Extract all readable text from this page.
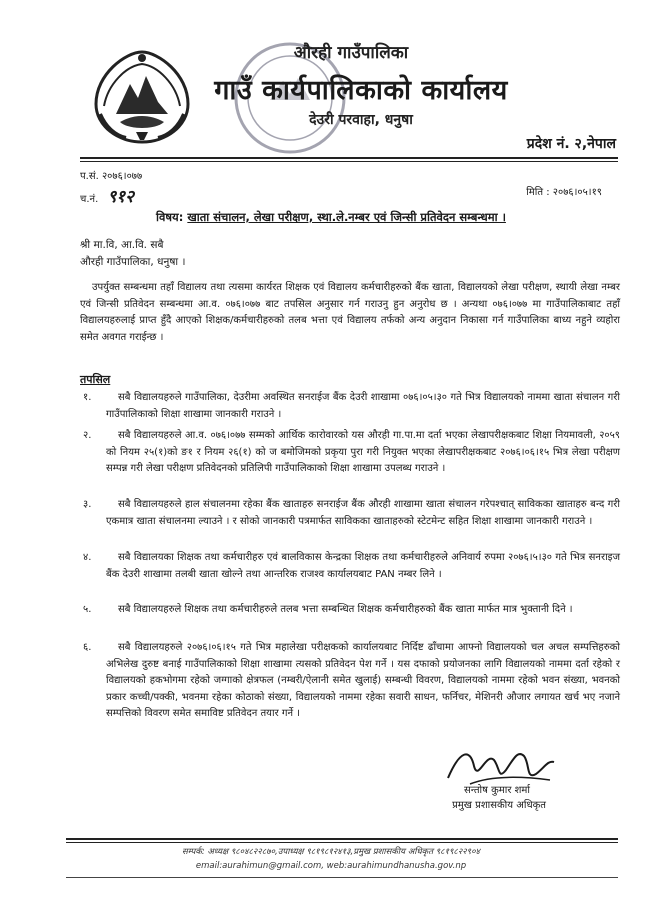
औरही गाउँपालिका
गाउँ कार्यपालिकाको कार्यालय
देउरी परवाहा, धनुषा
प्रदेश नं. २,नेपाल
प.सं. २०७६।०७७
च.नं. ९१२	मिति : २०७६।०५।१९
विषय: खाता संचालन, लेखा परीक्षण, स्था.ले.नम्बर एवं जिन्सी प्रतिवेदन सम्बन्धमा ।
श्री मा.वि, आ.वि. सबै
औरही गाउँपालिका, धनुषा ।
उपर्युक्त सम्बन्धमा तहाँ विद्यालय तथा त्यसमा कार्यरत शिक्षक एवं विद्यालय कर्मचारीहरुको बैंक खाता, विद्यालयको लेखा परीक्षण, स्थायी लेखा नम्बर एवं जिन्सी प्रतिवेदन सम्बन्धमा आ.व. ०७६।०७७ बाट तपसिल अनुसार गर्न गराउनु हुन अनुरोध छ । अन्यथा ०७६।०७७ मा गाउँपालिकाबाट तहाँ विद्यालयहरुलाई प्राप्त हुँदै आएको शिक्षक/कर्मचारीहरुको तलब भत्ता एवं विद्यालय तर्फको अन्य अनुदान निकासा गर्न गाउँपालिका बाध्य नहुने व्यहोरा समेत अवगत गराईन्छ ।
तपसिल
१.	सबै विद्यालयहरुले गाउँपालिका, देउरीमा अवस्थित सनराईज बैंक देउरी शाखामा ०७६।०५।३० गते भित्र विद्यालयको नाममा खाता संचालन गरी गाउँपालिकाको शिक्षा शाखामा जानकारी गराउने ।
२.	सबै विद्यालयहरुले आ.व. ०७६।०७७ सम्मको आर्थिक कारोवारको यस औरही गा.पा.मा दर्ता भएका लेखापरीक्षकबाट शिक्षा नियमावली, २०५९ को नियम २५(१)को ङ१ र नियम २६(१) को ज बमोजिमको प्रकृया पुरा गरी नियुक्त भएका लेखापरीक्षकबाट २०७६।०६।१५ भित्र लेखा परीक्षण सम्पन्न गरी लेखा परीक्षण प्रतिवेदनको प्रतिलिपी गाउँपालिकाको शिक्षा शाखामा उपलब्ध गराउने ।
३.	सबै विद्यालयहरुले हाल संचालनमा रहेका बैंक खाताहरु सनराईज बैंक औरही शाखामा खाता संचालन गरेपश्चात् साविकका खाताहरु बन्द गरी एकमात्र खाता संचालनमा ल्याउने । र सोको जानकारी पत्रमार्फत साविकका खाताहरुको स्टेटमेन्ट सहित शिक्षा शाखामा जानकारी गराउने ।
४.	सबै विद्यालयका शिक्षक तथा कर्मचारीहरु एवं बालविकास केन्द्रका शिक्षक तथा कर्मचारीहरुले अनिवार्य रुपमा २०७६।५।३० गते भित्र सनराइज बैंक देउरी शाखामा तलबी खाता खोल्ने तथा आन्तरिक राजश्व कार्यालयबाट PAN नम्बर लिने ।
५.	सबै विद्यालयहरुले शिक्षक तथा कर्मचारीहरुले तलब भत्ता सम्बन्धित शिक्षक कर्मचारीहरुको बैंक खाता मार्फत मात्र भुक्तानी दिने ।
६.	सबै विद्यालयहरुले २०७६।०६।१५ गते भित्र महालेखा परीक्षकको कार्यालयबाट निर्दिष्ट ढाँचामा आफ्नो विद्यालयको चल अचल सम्पत्तिहरुको अभिलेख दुरुष्ट बनाई गाउँपालिकाको शिक्षा शाखामा त्यसको प्रतिवेदन पेश गर्ने । यस दफाको प्रयोजनका लागि विद्यालयको नाममा दर्ता रहेको र विद्यालयको हकभोगमा रहेको जग्गाको क्षेत्रफल (नम्बरी/ऐलानी समेत खुलाई) सम्बन्धी विवरण, विद्यालयको नाममा रहेको भवन संख्या, भवनको प्रकार कच्ची/पक्की, भवनमा रहेका कोठाको संख्या, विद्यालयको नाममा रहेका सवारी साधन, फर्निचर, मेशिनरी औजार लगायत खर्च भए नजाने सम्पत्तिको विवरण समेत समाविष्ट प्रतिवेदन तयार गर्ने ।
सन्तोष कुमार शर्मा
प्रमुख प्रशासकीय अधिकृत
सम्पर्क: अध्यक्ष ९८०४८२२८७०,उपाध्यक्ष ९८१९८१२४१३,प्रमुख प्रशासकीय अधिकृत ९८१९८२२९०४
email:aurahimun@gmail.com, web:aurahimundhanusha.gov.np
